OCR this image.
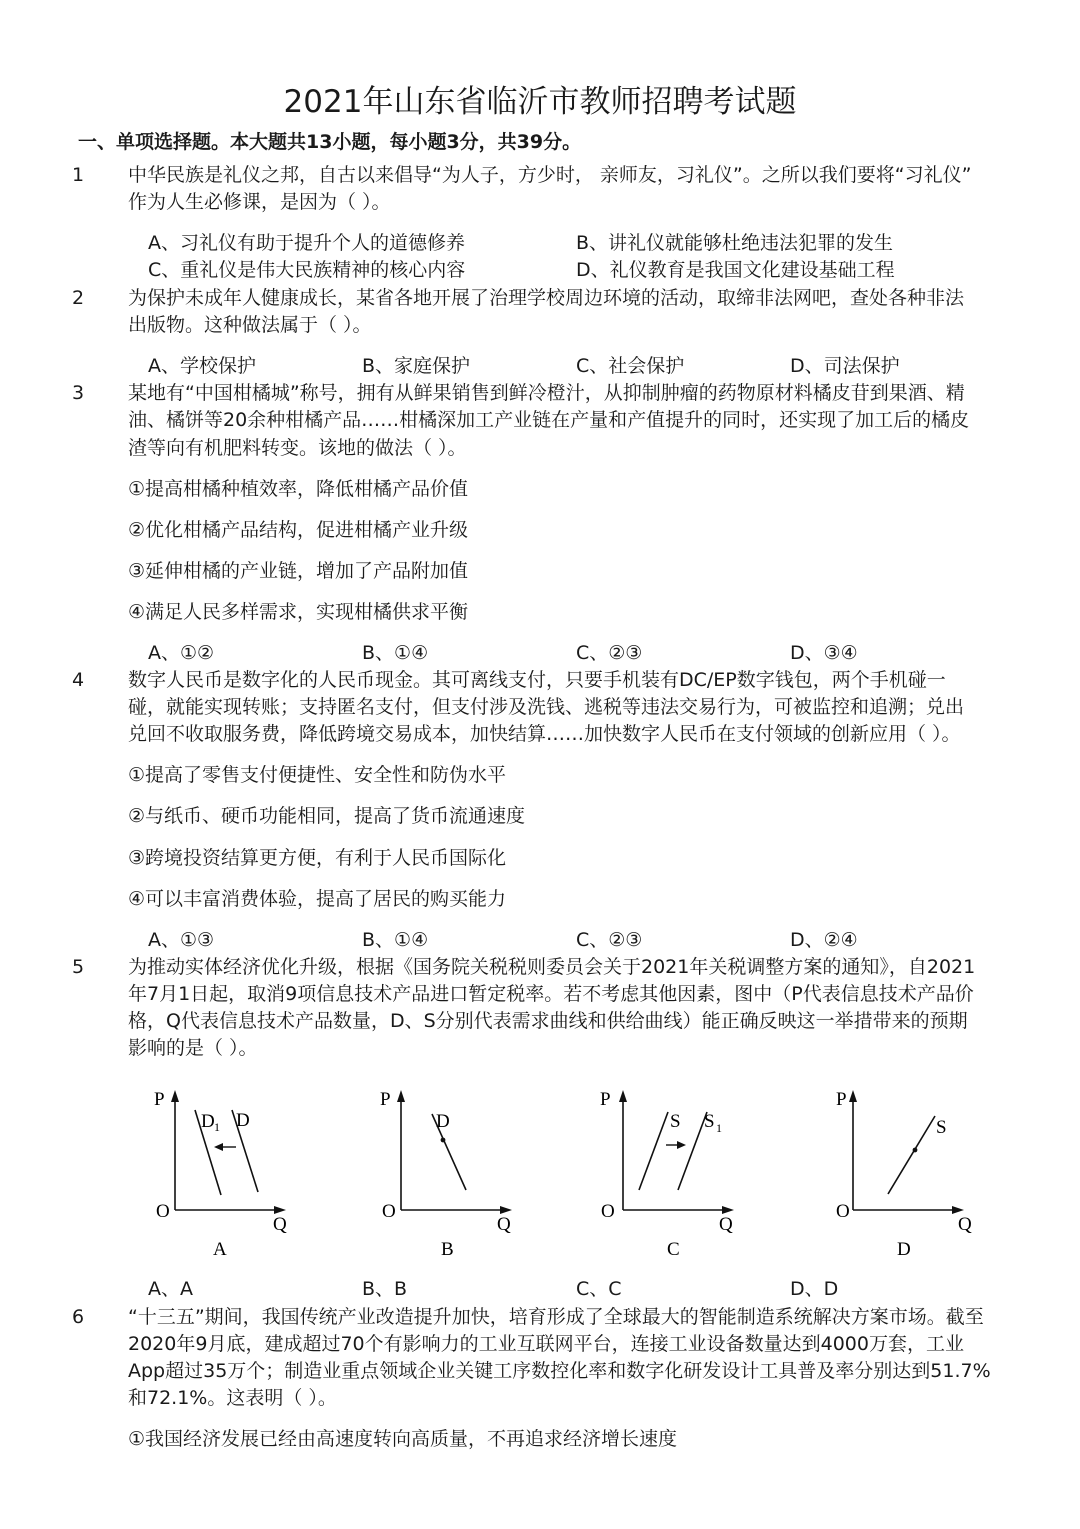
2021年山东省临沂市教师招聘考试题
一、单项选择题。本大题共13小题，每小题3分，共39分。
1 中华民族是礼仪之邦，自古以来倡导“为人子，方少时， 亲师友，习礼仪”。之所以我们要将“习礼仪”
作为人生必修课，是因为（ ）。
A、习礼仪有助于提升个人的道德修养	B、讲礼仪就能够杜绝违法犯罪的发生
C、重礼仪是伟大民族精神的核心内容	D、礼仪教育是我国文化建设基础工程
2 为保护未成年人健康成长，某省各地开展了治理学校周边环境的活动，取缔非法网吧，查处各种非法
出版物。这种做法属于（ ）。
A、学校保护	B、家庭保护	C、社会保护	D、司法保护
3 某地有“中国柑橘城”称号，拥有从鲜果销售到鲜冷橙汁，从抑制肿瘤的药物原材料橘皮苷到果酒、精
油、橘饼等20余种柑橘产品……柑橘深加工产业链在产量和产值提升的同时，还实现了加工后的橘皮
渣等向有机肥料转变。该地的做法（ ）。
①提高柑橘种植效率，降低柑橘产品价值
②优化柑橘产品结构，促进柑橘产业升级
③延伸柑橘的产业链，增加了产品附加值
④满足人民多样需求，实现柑橘供求平衡
A、①②	B、①④	C、②③	D、③④
4 数字人民币是数字化的人民币现金。其可离线支付，只要手机装有DC/EP数字钱包，两个手机碰一
碰，就能实现转账；支持匿名支付，但支付涉及洗钱、逃税等违法交易行为，可被监控和追溯；兑出
兑回不收取服务费，降低跨境交易成本，加快结算……加快数字人民币在支付领域的创新应用（ ）。
①提高了零售支付便捷性、安全性和防伪水平
②与纸币、硬币功能相同，提高了货币流通速度
③跨境投资结算更方便，有利于人民币国际化
④可以丰富消费体验，提高了居民的购买能力
A、①③	B、①④	C、②③	D、②④
5 为推动实体经济优化升级，根据《国务院关税税则委员会关于2021年关税调整方案的通知》，自2021
年7月1日起，取消9项信息技术产品进口暂定税率。若不考虑其他因素，图中（P代表信息技术产品价
格，Q代表信息技术产品数量，D、S分别代表需求曲线和供给曲线）能正确反映这一举措带来的预期
影响的是（ ）。
P
O
Q
D 1 D
A
P
O
Q
D
B
P
O
Q
S S 1
C
P
O
Q
S
D
A、A	B、B	C、C	D、D
6 “十三五”期间，我国传统产业改造提升加快，培育形成了全球最大的智能制造系统解决方案市场。截至
2020年9月底，建成超过70个有影响力的工业互联网平台，连接工业设备数量达到4000万套，工业
App超过35万个；制造业重点领域企业关键工序数控化率和数字化研发设计工具普及率分别达到51.7%
和72.1%。这表明（ ）。
①我国经济发展已经由高速度转向高质量，不再追求经济增长速度
